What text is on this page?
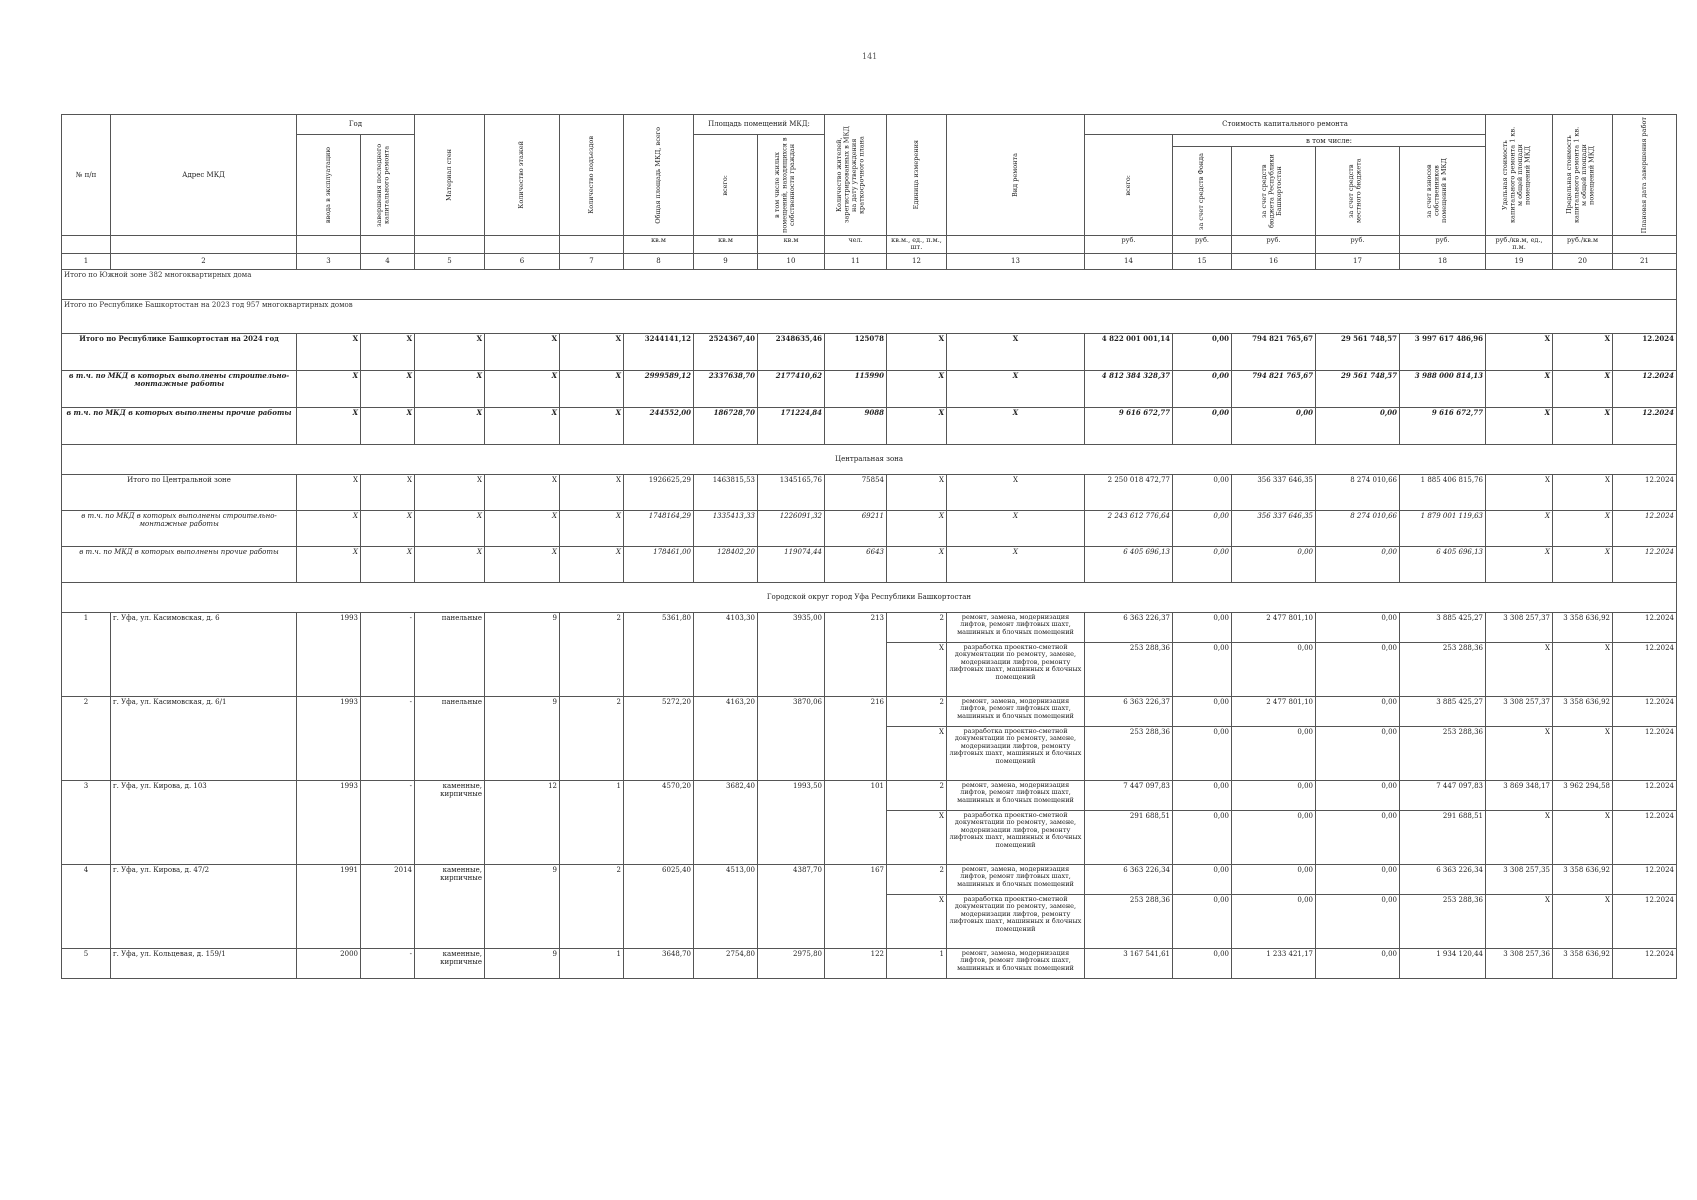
141
№ п/п	Адрес МКД	Год		Материал стен	Количество этажей	Количество подъездов	Общая площадь МКД, всего	Площадь помещений МКД:		Количество жителей, зарегистрированных в МКД на дату утверждения краткосрочного плана	Единица измерения	Вид ремонта	Стоимость капитального ремонта					Удельная стоимость капитального ремонта 1 кв. м общей площади помещений МКД	Предельная стоимость капитального ремонта 1 кв. м общей площади помещений МКД	Плановая дата завершения работ

		ввода в эксплуатацию	завершения последнего капитального ремонта					всего:	в том числе жилых помещений, находящихся в собственности граждан				всего:	в том числе:						

														за счет средств Фонда	за счет средств бюджета Республики Башкортостан	за счет средств местного бюджета	за счет взносов собственников помещений в МКД			

							кв.м	кв.м	кв.м	чел.	кв.м., ед., п.м., шт.		руб.	руб.	руб.	руб.	руб.	руб./кв.м, ед., п.м.	руб./кв.м	
1	2	3	4	5	6	7	8	9	10	11	12	13	14	15	16	17	18	19	20	21
Итого по Южной зоне 382 многоквартирных дома																				
Итого по Республике Башкортостан на 2023 год 957 многоквартирных домов																				
Итого по Республике Башкортостан на 2024 год		X	X	X	X	X	3244141,12	2524367,40	2348635,46	125078	X	X	4 822 001 001,14	0,00	794 821 765,67	29 561 748,57	3 997 617 486,96	X	X	12.2024
в т.ч. по МКД в которых выполнены строительно-монтажные работы		X	X	X	X	X	2999589,12	2337638,70	2177410,62	115990	X	X	4 812 384 328,37	0,00	794 821 765,67	29 561 748,57	3 988 000 814,13	X	X	12.2024
в т.ч. по МКД в которых выполнены прочие работы		X	X	X	X	X	244552,00	186728,70	171224,84	9088	X	X	9 616 672,77	0,00	0,00	0,00	9 616 672,77	X	X	12.2024
Центральная зона																				
Итого по Центральной зоне		X	X	X	X	X	1926625,29	1463815,53	1345165,76	75854	X	X	2 250 018 472,77	0,00	356 337 646,35	8 274 010,66	1 885 406 815,76	X	X	12.2024
в т.ч. по МКД в которых выполнены строительно-монтажные работы		X	X	X	X	X	1748164,29	1335413,33	1226091,32	69211	X	X	2 243 612 776,64	0,00	356 337 646,35	8 274 010,66	1 879 001 119,63	X	X	12.2024
в т.ч. по МКД в которых выполнены прочие работы		X	X	X	X	X	178461,00	128402,20	119074,44	6643	X	X	6 405 696,13	0,00	0,00	0,00	6 405 696,13	X	X	12.2024
Городской округ город Уфа Республики Башкортостан																				
1	г. Уфа, ул. Касимовская, д. 6	1993	-	панельные	9	2	5361,80	4103,30	3935,00	213	2	ремонт, замена, модернизация лифтов, ремонт лифтовых шахт, машинных и блочных помещений	6 363 226,37	0,00	2 477 801,10	0,00	3 885 425,27	3 308 257,37	3 358 636,92	12.2024
											X	разработка проектно-сметной документации по ремонту, замене, модернизации лифтов, ремонту лифтовых шахт, машинных и блочных помещений	253 288,36	0,00	0,00	0,00	253 288,36	X	X	12.2024
2	г. Уфа, ул. Касимовская, д. 6/1	1993	-	панельные	9	2	5272,20	4163,20	3870,06	216	2	ремонт, замена, модернизация лифтов, ремонт лифтовых шахт, машинных и блочных помещений	6 363 226,37	0,00	2 477 801,10	0,00	3 885 425,27	3 308 257,37	3 358 636,92	12.2024
											X	разработка проектно-сметной документации по ремонту, замене, модернизации лифтов, ремонту лифтовых шахт, машинных и блочных помещений	253 288,36	0,00	0,00	0,00	253 288,36	X	X	12.2024
3	г. Уфа, ул. Кирова, д. 103	1993	-	каменные, кирпичные	12	1	4570,20	3682,40	1993,50	101	2	ремонт, замена, модернизация лифтов, ремонт лифтовых шахт, машинных и блочных помещений	7 447 097,83	0,00	0,00	0,00	7 447 097,83	3 869 348,17	3 962 294,58	12.2024
											X	разработка проектно-сметной документации по ремонту, замене, модернизации лифтов, ремонту лифтовых шахт, машинных и блочных помещений	291 688,51	0,00	0,00	0,00	291 688,51	X	X	12.2024
4	г. Уфа, ул. Кирова, д. 47/2	1991	2014	каменные, кирпичные	9	2	6025,40	4513,00	4387,70	167	2	ремонт, замена, модернизация лифтов, ремонт лифтовых шахт, машинных и блочных помещений	6 363 226,34	0,00	0,00	0,00	6 363 226,34	3 308 257,35	3 358 636,92	12.2024
											X	разработка проектно-сметной документации по ремонту, замене, модернизации лифтов, ремонту лифтовых шахт, машинных и блочных помещений	253 288,36	0,00	0,00	0,00	253 288,36	X	X	12.2024
5	г. Уфа, ул. Кольцевая, д. 159/1	2000	-	каменные, кирпичные	9	1	3648,70	2754,80	2975,80	122	1	ремонт, замена, модернизация лифтов, ремонт лифтовых шахт, машинных и блочных помещений	3 167 541,61	0,00	1 233 421,17	0,00	1 934 120,44	3 308 257,36	3 358 636,92	12.2024
